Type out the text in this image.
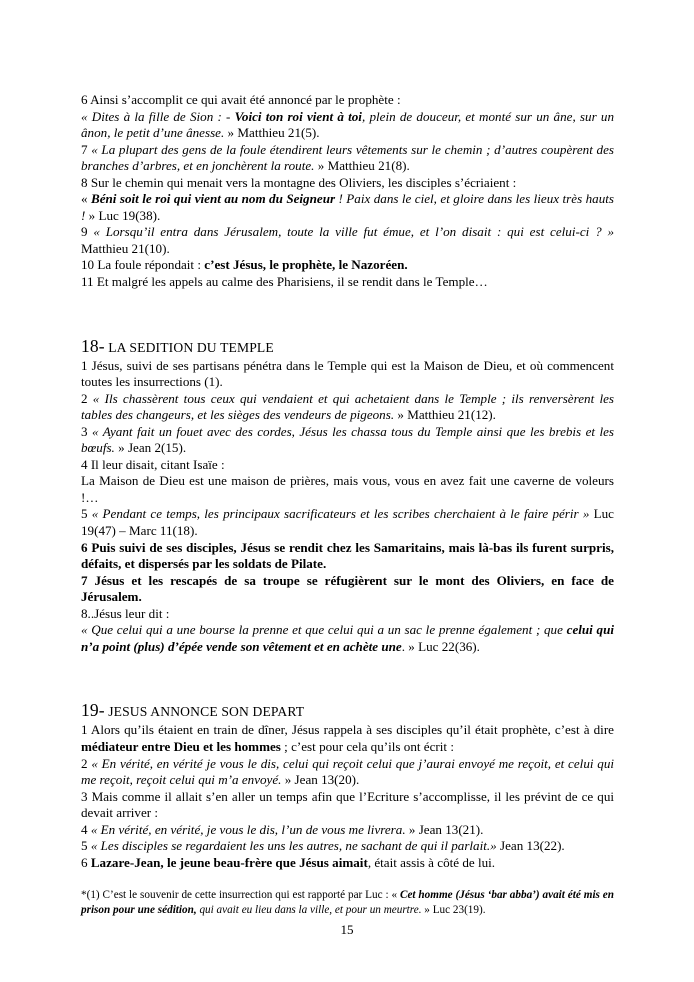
6 Ainsi s’accomplit ce qui avait été annoncé par le prophète :

« Dites à la fille de Sion : - Voici ton roi vient à toi, plein de douceur, et monté sur un âne, sur un ânon, le petit d’une ânesse. » Matthieu 21(5).

7 « La plupart des gens de la foule étendirent leurs vêtements sur le chemin ; d’autres coupèrent des branches d’arbres, et en jonchèrent la route. » Matthieu 21(8).

8 Sur le chemin qui menait vers la montagne des Oliviers, les disciples s’écriaient :

« Béni soit le roi qui vient au nom du Seigneur ! Paix dans le ciel, et gloire dans les lieux très hauts ! » Luc 19(38).

9 « Lorsqu’il entra dans Jérusalem, toute la ville fut émue, et l’on disait : qui est celui-ci ? » Matthieu 21(10).

10 La foule répondait : c’est Jésus, le prophète, le Nazoréen.

11 Et malgré les appels au calme des Pharisiens, il se rendit dans le Temple…

18- LA SEDITION DU TEMPLE

1 Jésus, suivi de ses partisans pénétra dans le Temple qui est la Maison de Dieu, et où commencent toutes les insurrections (1).

2 « Ils chassèrent tous ceux qui vendaient et qui achetaient dans le Temple ; ils renversèrent les tables des changeurs, et les sièges des vendeurs de pigeons. » Matthieu 21(12).

3 « Ayant fait un fouet avec des cordes, Jésus les chassa tous du Temple ainsi que les brebis et les bœufs. » Jean 2(15).

4 Il leur disait, citant Isaïe :

La Maison de Dieu est une maison de prières, mais vous, vous en avez fait une caverne de voleurs !…

5 « Pendant ce temps, les principaux sacrificateurs et les scribes cherchaient à le faire périr » Luc 19(47) – Marc 11(18).

6 Puis suivi de ses disciples, Jésus se rendit chez les Samaritains, mais là-bas ils furent surpris, défaits, et dispersés par les soldats de Pilate.

7 Jésus et les rescapés de sa troupe se réfugièrent sur le mont des Oliviers, en face de Jérusalem.

8..Jésus leur dit :

« Que celui qui a une bourse la prenne et que celui qui a un sac le prenne également ; que celui qui n’a point (plus) d’épée vende son vêtement et en achète une. » Luc 22(36).

19- JESUS ANNONCE SON DEPART

1 Alors qu’ils étaient en train de dîner, Jésus rappela à ses disciples qu’il était prophète, c’est à dire médiateur entre Dieu et les hommes ; c’est pour cela qu’ils ont écrit :

2 « En vérité, en vérité je vous le dis, celui qui reçoit celui que j’aurai envoyé me reçoit, et celui qui me reçoit, reçoit celui qui m’a envoyé. » Jean 13(20).

3 Mais comme il allait s’en aller un temps afin que l’Ecriture s’accomplisse, il les prévint de ce qui devait arriver :

4 « En vérité, en vérité, je vous le dis, l’un de vous me livrera. » Jean 13(21).

5 « Les disciples se regardaient les uns les autres, ne sachant de qui il parlait.» Jean 13(22).

6 Lazare-Jean, le jeune beau-frère que Jésus aimait, était assis à côté de lui.

*(1) C’est le souvenir de cette insurrection qui est rapporté par Luc : « Cet homme (Jésus ‘bar abba’) avait été mis en prison pour une sédition, qui avait eu lieu dans la ville, et pour un meurtre. » Luc 23(19).

15
